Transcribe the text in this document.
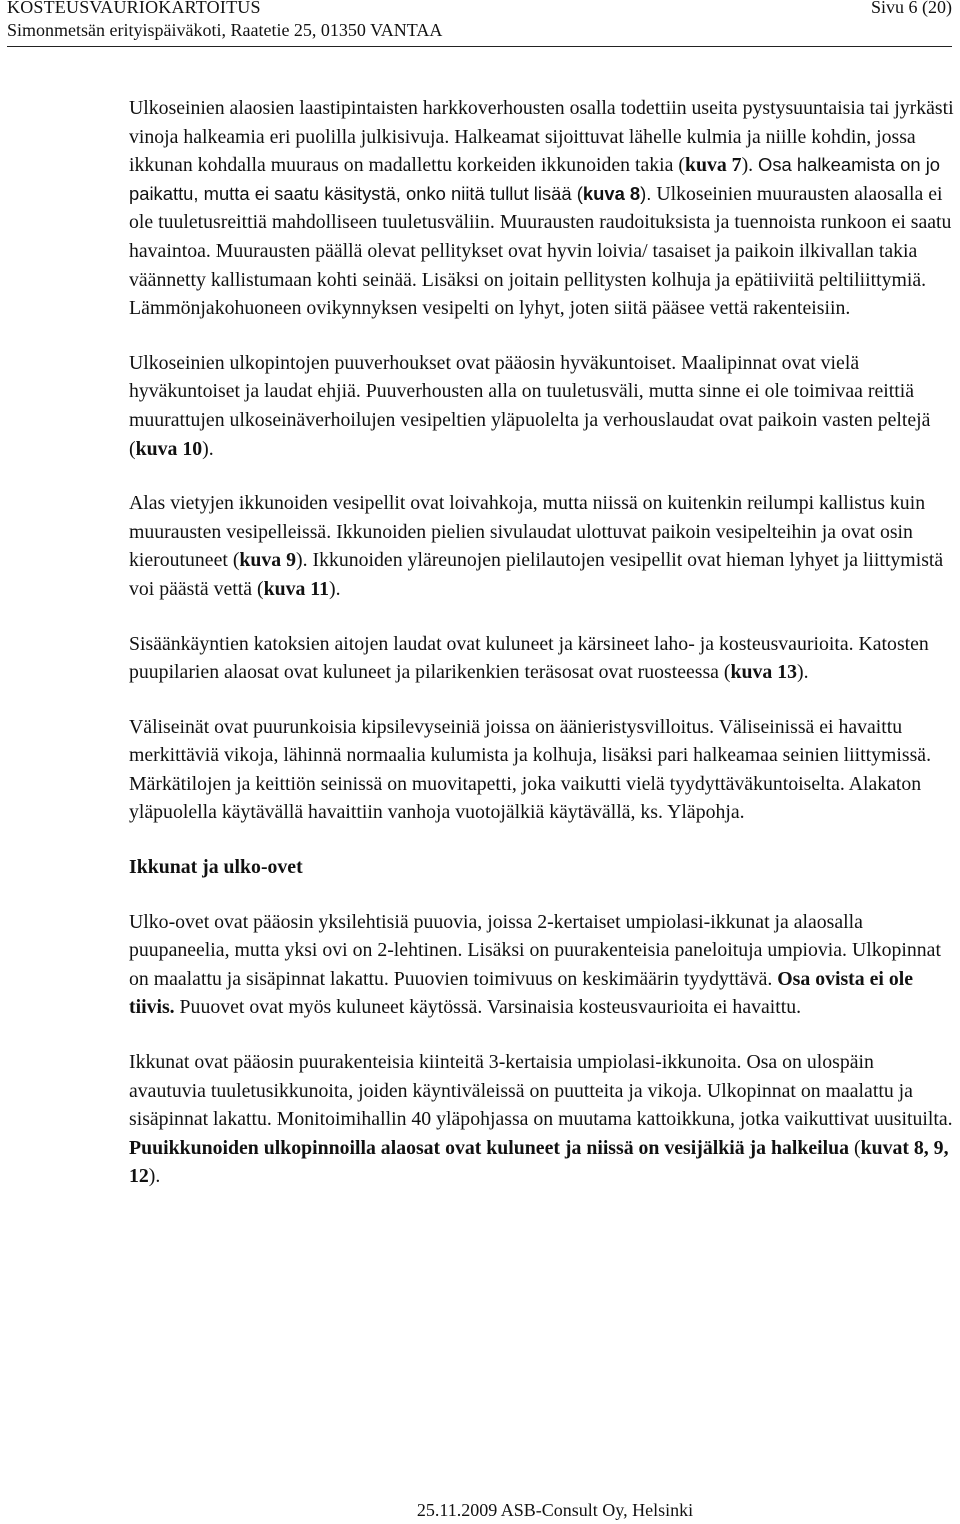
KOSTEUSVAURIOKARTOITUS	Sivu 6 (20)
Simonmetsän erityispäiväkoti, Raatetie 25, 01350 VANTAA

Ulkoseinien alaosien laastipintaisten harkkoverhousten osalla todettiin useita pystysuuntaisia tai jyrkästi vinoja halkeamia eri puolilla julkisivuja. Halkeamat sijoittuvat lähelle kulmia ja niille kohdin, jossa ikkunan kohdalla muuraus on madallettu korkeiden ikkunoiden takia (kuva 7). Osa halkeamista on jo paikattu, mutta ei saatu käsitystä, onko niitä tullut lisää (kuva 8). Ulkoseinien muurausten alaosalla ei ole tuuletusreittiä mahdolliseen tuuletusväliin. Muurausten raudoituksista ja tuennoista runkoon ei saatu havaintoa. Muurausten päällä olevat pellitykset ovat hyvin loivia/ tasaiset ja paikoin ilkivallan takia väännetty kallistumaan kohti seinää. Lisäksi on joitain pellitysten kolhuja ja epätiiviitä peltiliittymiä. Lämmönjakohuoneen ovikynnyksen vesipelti on lyhyt, joten siitä pääsee vettä rakenteisiin.

Ulkoseinien ulkopintojen puuverhoukset ovat pääosin hyväkuntoiset. Maalipinnat ovat vielä hyväkuntoiset ja laudat ehjiä. Puuverhousten alla on tuuletusväli, mutta sinne ei ole toimivaa reittiä muurattujen ulkoseinäverhoilujen vesipeltien yläpuolelta ja verhouslaudat ovat paikoin vasten peltejä (kuva 10).

Alas vietyjen ikkunoiden vesipellit ovat loivahkoja, mutta niissä on kuitenkin reilumpi kallistus kuin muurausten vesipelleissä. Ikkunoiden pielien sivulaudat ulottuvat paikoin vesipelteihin ja ovat osin kieroutuneet (kuva 9). Ikkunoiden yläreunojen pielilautojen vesipellit ovat hieman lyhyet ja liittymistä voi päästä vettä (kuva 11).

Sisäänkäyntien katoksien aitojen laudat ovat kuluneet ja kärsineet laho- ja kosteusvaurioita. Katosten puupilarien alaosat ovat kuluneet ja pilarikenkien teräsosat ovat ruosteessa (kuva 13).

Väliseinät ovat puurunkoisia kipsilevyseiniä joissa on äänieristysvilloitus. Väliseinissä ei havaittu merkittäviä vikoja, lähinnä normaalia kulumista ja kolhuja, lisäksi pari halkeamaa seinien liittymissä. Märkätilojen ja keittiön seinissä on muovitapetti, joka vaikutti vielä tyydyttäväkuntoiselta. Alakaton yläpuolella käytävällä havaittiin vanhoja vuotojälkiä käytävällä, ks. Yläpohja.

Ikkunat ja ulko-ovet

Ulko-ovet ovat pääosin yksilehtisiä puuovia, joissa 2-kertaiset umpiolasi-ikkunat ja alaosalla puupaneelia, mutta yksi ovi on 2-lehtinen. Lisäksi on puurakenteisia paneloituja umpiovia. Ulkopinnat on maalattu ja sisäpinnat lakattu. Puuovien toimivuus on keskimäärin tyydyttävä. Osa ovista ei ole tiivis. Puuovet ovat myös kuluneet käytössä. Varsinaisia kosteusvaurioita ei havaittu.

Ikkunat ovat pääosin puurakenteisia kiinteitä 3-kertaisia umpiolasi-ikkunoita. Osa on ulospäin avautuvia tuuletusikkunoita, joiden käyntiväleissä on puutteita ja vikoja. Ulkopinnat on maalattu ja sisäpinnat lakattu. Monitoimihallin 40 yläpohjassa on muutama kattoikkuna, jotka vaikuttivat uusituilta. Puuikkunoiden ulkopinnoilla alaosat ovat kuluneet ja niissä on vesijälkiä ja halkeilua (kuvat 8, 9, 12).

25.11.2009 ASB-Consult Oy, Helsinki
